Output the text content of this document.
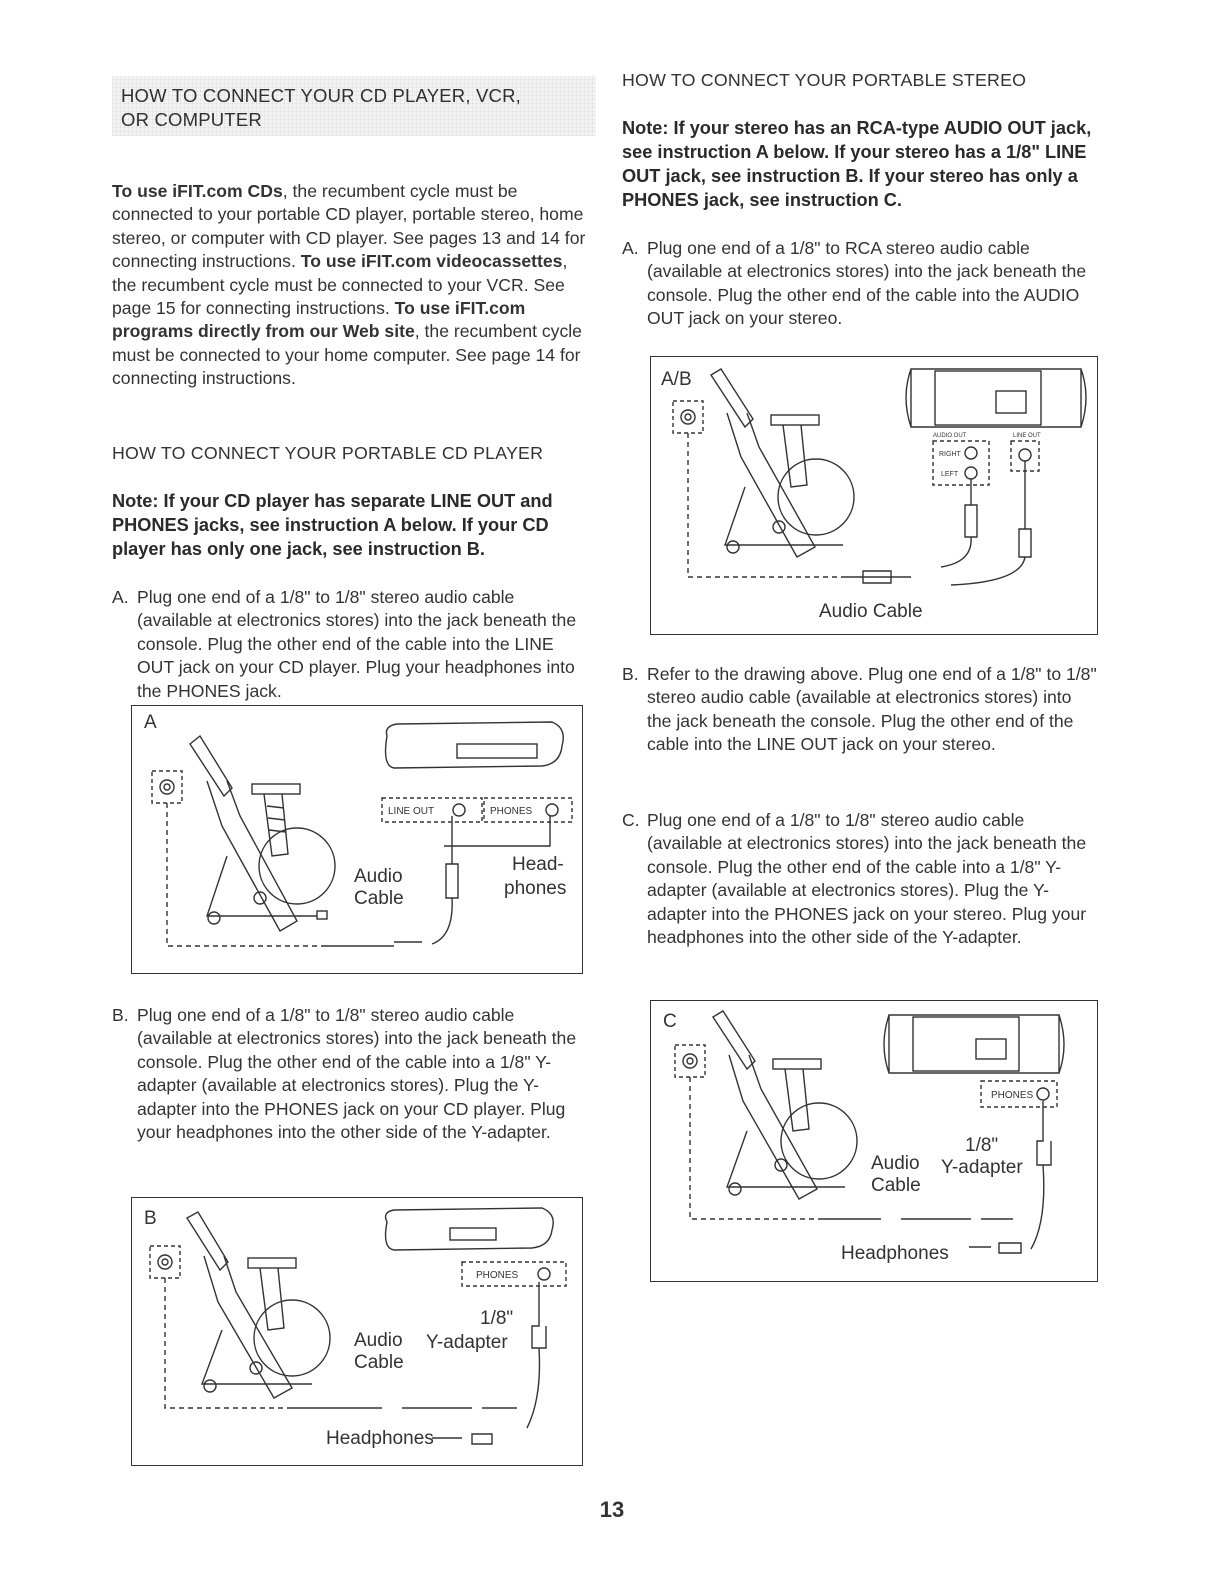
HOW TO CONNECT YOUR CD PLAYER, VCR,
OR COMPUTER
To use iFIT.com CDs, the recumbent cycle must be connected to your portable CD player, portable stereo, home stereo, or computer with CD player. See pages 13 and 14 for connecting instructions. To use iFIT.com videocassettes, the recumbent cycle must be connected to your VCR. See page 15 for connecting instructions. To use iFIT.com programs directly from our Web site, the recumbent cycle must be connected to your home computer. See page 14 for connecting instructions.
HOW TO CONNECT YOUR PORTABLE CD PLAYER
Note: If your CD player has separate LINE OUT and PHONES jacks, see instruction A below. If your CD player has only one jack, see instruction B.
A. Plug one end of a 1/8" to 1/8" stereo audio cable (available at electronics stores) into the jack beneath the console. Plug the other end of the cable into the LINE OUT jack on your CD player. Plug your headphones into the PHONES jack.
A
LINE OUT	PHONES
Audio
Cable
Head-
phones
B. Plug one end of a 1/8" to 1/8" stereo audio cable (available at electronics stores) into the jack beneath the console. Plug the other end of the cable into a 1/8" Y-adapter (available at electronics stores). Plug the Y-adapter into the PHONES jack on your CD player. Plug your headphones into the other side of the Y-adapter.
B
PHONES
1/8"
Audio Y-adapter
Cable
Headphones
HOW TO CONNECT YOUR PORTABLE STEREO
Note: If your stereo has an RCA-type AUDIO OUT jack, see instruction A below. If your stereo has a 1/8" LINE OUT jack, see instruction B. If your stereo has only a PHONES jack, see instruction C.
A. Plug one end of a 1/8" to RCA stereo audio cable (available at electronics stores) into the jack beneath the console. Plug the other end of the cable into the AUDIO OUT jack on your stereo.
A/B
AUDIO OUT	LINE OUT
RIGHT
LEFT
Audio Cable
B. Refer to the drawing above. Plug one end of a 1/8" to 1/8" stereo audio cable (available at electronics stores) into the jack beneath the console. Plug the other end of the cable into the LINE OUT jack on your stereo.
C. Plug one end of a 1/8" to 1/8" stereo audio cable (available at electronics stores) into the jack beneath the console. Plug the other end of the cable into a 1/8" Y-adapter (available at electronics stores). Plug the Y-adapter into the PHONES jack on your stereo. Plug your headphones into the other side of the Y-adapter.
C
PHONES
1/8"
Audio Y-adapter
Cable
Headphones
13
